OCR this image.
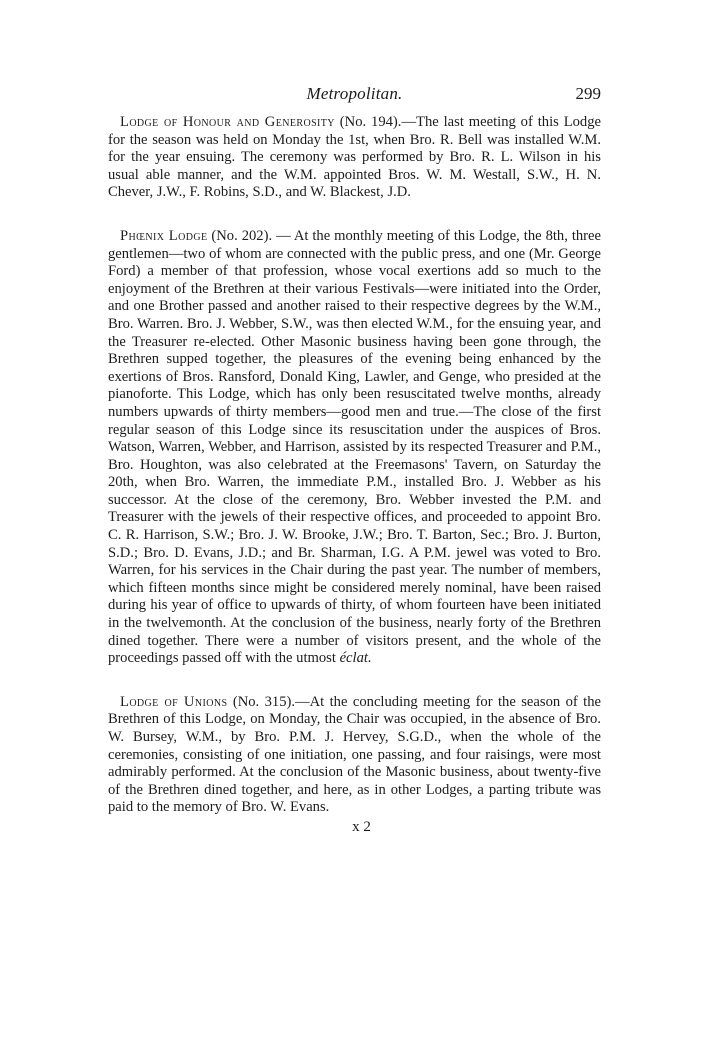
Metropolitan.	299

Lodge of Honour and Generosity (No. 194).—The last meeting of this Lodge for the season was held on Monday the 1st, when Bro. R. Bell was installed W.M. for the year ensuing. The ceremony was performed by Bro. R. L. Wilson in his usual able manner, and the W.M. appointed Bros. W. M. Westall, S.W., H. N. Chever, J.W., F. Robins, S.D., and W. Blackest, J.D.

Phœnix Lodge (No. 202). — At the monthly meeting of this Lodge, the 8th, three gentlemen—two of whom are connected with the public press, and one (Mr. George Ford) a member of that profession, whose vocal exertions add so much to the enjoyment of the Brethren at their various Festivals—were initiated into the Order, and one Brother passed and another raised to their respective degrees by the W.M., Bro. Warren. Bro. J. Webber, S.W., was then elected W.M., for the ensuing year, and the Treasurer re-elected. Other Masonic business having been gone through, the Brethren supped together, the pleasures of the evening being enhanced by the exertions of Bros. Ransford, Donald King, Lawler, and Genge, who presided at the pianoforte. This Lodge, which has only been resuscitated twelve months, already numbers upwards of thirty members—good men and true.—The close of the first regular season of this Lodge since its resuscitation under the auspices of Bros. Watson, Warren, Webber, and Harrison, assisted by its respected Treasurer and P.M., Bro. Houghton, was also celebrated at the Freemasons' Tavern, on Saturday the 20th, when Bro. Warren, the immediate P.M., installed Bro. J. Webber as his successor. At the close of the ceremony, Bro. Webber invested the P.M. and Treasurer with the jewels of their respective offices, and proceeded to appoint Bro. C. R. Harrison, S.W.; Bro. J. W. Brooke, J.W.; Bro. T. Barton, Sec.; Bro. J. Burton, S.D.; Bro. D. Evans, J.D.; and Br. Sharman, I.G. A P.M. jewel was voted to Bro. Warren, for his services in the Chair during the past year. The number of members, which fifteen months since might be considered merely nominal, have been raised during his year of office to upwards of thirty, of whom fourteen have been initiated in the twelvemonth. At the conclusion of the business, nearly forty of the Brethren dined together. There were a number of visitors present, and the whole of the proceedings passed off with the utmost éclat.

Lodge of Unions (No. 315).—At the concluding meeting for the season of the Brethren of this Lodge, on Monday, the Chair was occupied, in the absence of Bro. W. Bursey, W.M., by Bro. P.M. J. Hervey, S.G.D., when the whole of the ceremonies, consisting of one initiation, one passing, and four raisings, were most admirably performed. At the conclusion of the Masonic business, about twenty-five of the Brethren dined together, and here, as in other Lodges, a parting tribute was paid to the memory of Bro. W. Evans.

x 2
